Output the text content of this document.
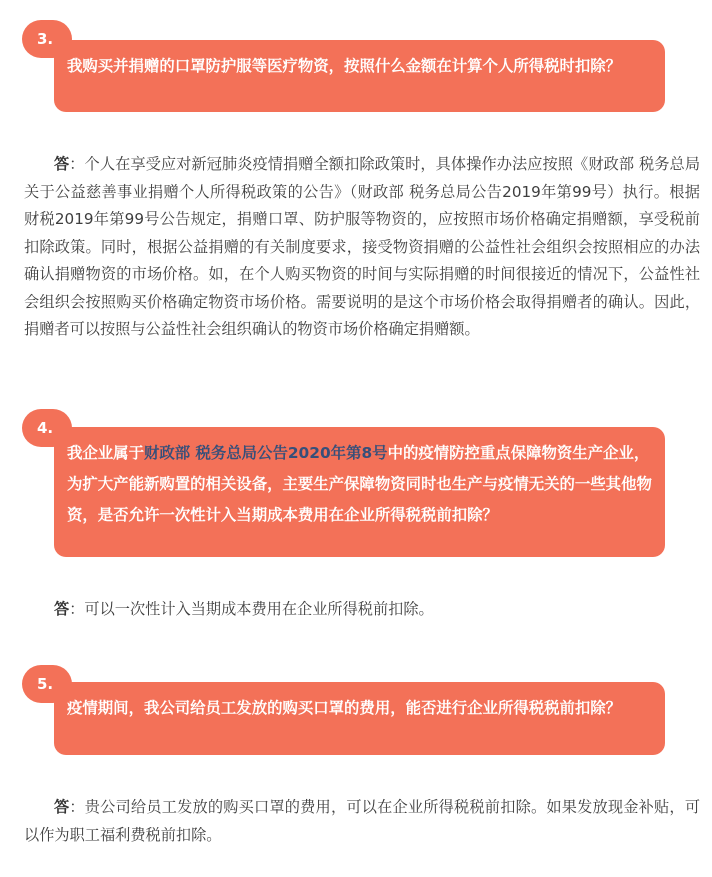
我购买并捐赠的口罩防护服等医疗物资，按照什么金额在计算个人所得税时扣除？
3.

答：个人在享受应对新冠肺炎疫情捐赠全额扣除政策时，具体操作办法应按照《财政部 税务总局关于公益慈善事业捐赠个人所得税政策的公告》（财政部 税务总局公告2019年第99号）执行。根据财税2019年第99号公告规定，捐赠口罩、防护服等物资的，应按照市场价格确定捐赠额，享受税前扣除政策。同时，根据公益捐赠的有关制度要求，接受物资捐赠的公益性社会组织会按照相应的办法确认捐赠物资的市场价格。如，在个人购买物资的时间与实际捐赠的时间很接近的情况下，公益性社会组织会按照购买价格确定物资市场价格。需要说明的是这个市场价格会取得捐赠者的确认。因此，捐赠者可以按照与公益性社会组织确认的物资市场价格确定捐赠额。

我企业属于财政部 税务总局公告2020年第8号中的疫情防控重点保障物资生产企业，为扩大产能新购置的相关设备，主要生产保障物资同时也生产与疫情无关的一些其他物资，是否允许一次性计入当期成本费用在企业所得税税前扣除？
4.

答：可以一次性计入当期成本费用在企业所得税前扣除。

疫情期间，我公司给员工发放的购买口罩的费用，能否进行企业所得税税前扣除？
5.

答：贵公司给员工发放的购买口罩的费用，可以在企业所得税税前扣除。如果发放现金补贴，可以作为职工福利费税前扣除。
